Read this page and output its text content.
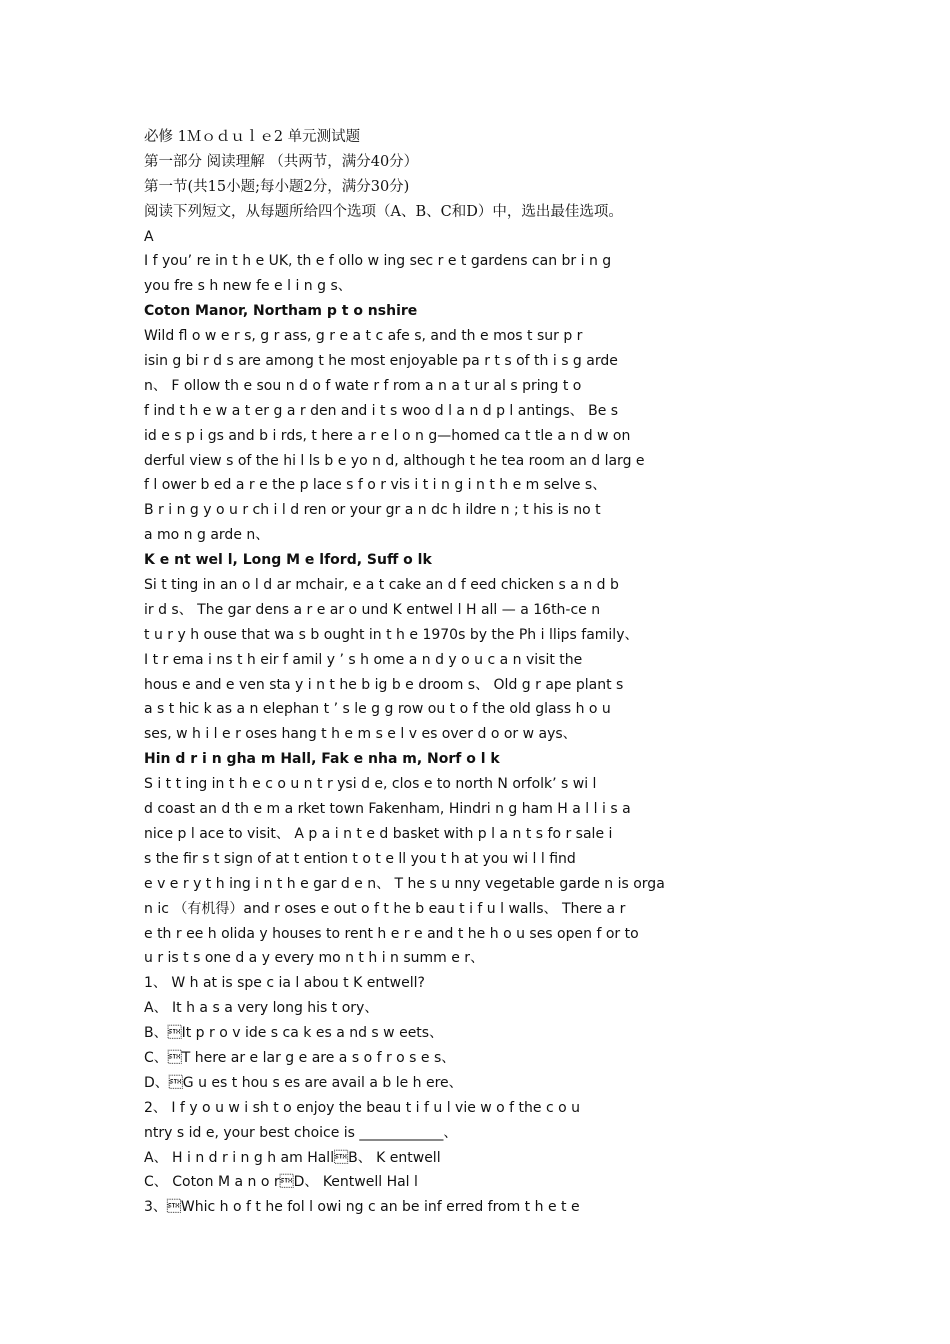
必修 1Ｍｏｄｕｌｅ2 单元测试题
第一部分 阅读理解 （共两节，满分40分）
第一节(共15小题;每小题2分，满分30分)
阅读下列短文，从每题所给四个选项（A、B、C和D）中，选出最佳选项。
A
I f you’ re in t h e UK, th e f ollo w ing sec r e t gardens can br i n g
you fre s h new fe e l i n g s、
Coton Manor, Northam p t o nshire
Wild fl o w e r s, g r ass, g r e a t c afe s, and th e mos t sur p r
isin g bi r d s are among t he most enjoyable pa r t s of th i s g arde
n、 F ollow th e sou n d o f wate r f rom a n a t ur al s pring t o
f ind t h e w a t er g a r den and i t s woo d l a n d p l antings、 Be s
id e s p i gs and b i rds, t here a r e l o n g—homed ca t tle a n d w on
derful view s of the hi l ls b e yo n d, although t he tea room an d larg e
f l ower b ed a r e the p lace s f o r vis i t i n g i n t h e m selve s、
B r i n g y o u r ch i l d ren or your gr a n dc h ildre n ; t his is no t
a mo n g arde n、
K e nt wel l, Long M e lford, Suff o lk
Si t ting in an o l d ar mchair, e a t cake an d f eed chicken s a n d b
ir d s、 The gar dens a r e ar o und K entwel l H all — a 16th-ce n
t u r y h ouse that wa s b ought in t h e 1970s by the Ph i llips family、
I t r ema i ns t h eir f amil y ’ s h ome a n d y o u c a n visit the
hous e and e ven sta y i n t he b ig b e droom s、 Old g r ape plant s
a s t hic k as a n elephan t ’ s le g g row ou t o f the old glass h o u
ses, w h i l e r oses hang t h e m s e l v es over d o or w ays、
Hin d r i n gha m Hall, Fak e nha m, Norf o l k
S i t t ing in t h e c o u n t r ysi d e, clos e to north N orfolk’ s wi l
d coast an d th e m a rket town Fakenham, Hindri n g ham H a l l i s a
nice p l ace to visit、 A p a i n t e d basket with p l a n t s fo r sale i
s the fir s t sign of at t ention t o t e ll you t h at you wi l l find
e v e r y t h ing i n t h e gar d e n、 T he s u nny vegetable garde n is orga
n ic （有机得）and r oses e out o f t he b eau t i f u l walls、 There a r
e th r ee h olida y houses to rent h e r e and t he h o u ses open f or to
u r is t s one d a y every mo n t h i n summ e r、
1、 W h at is spe c ia l abou t K entwell?
A、 It h a s a very long his t ory、
B、It p r o v ide s ca k es a nd s w eets、
C、T here ar e lar g e are a s o f r o s e s、
D、G u es t hou s es are avail a b le h ere、
2、 I f y o u w i sh t o enjoy the beau t i f u l vie w o f the c o u
ntry s id e, your best choice is ____________、
A、 H i n d r i n g h am HallB、 K entwell
C、 Coton M a n o rD、 Kentwell Hal l
3、Whic h o f t he fol l owi ng c an be inf erred from t h e t e
